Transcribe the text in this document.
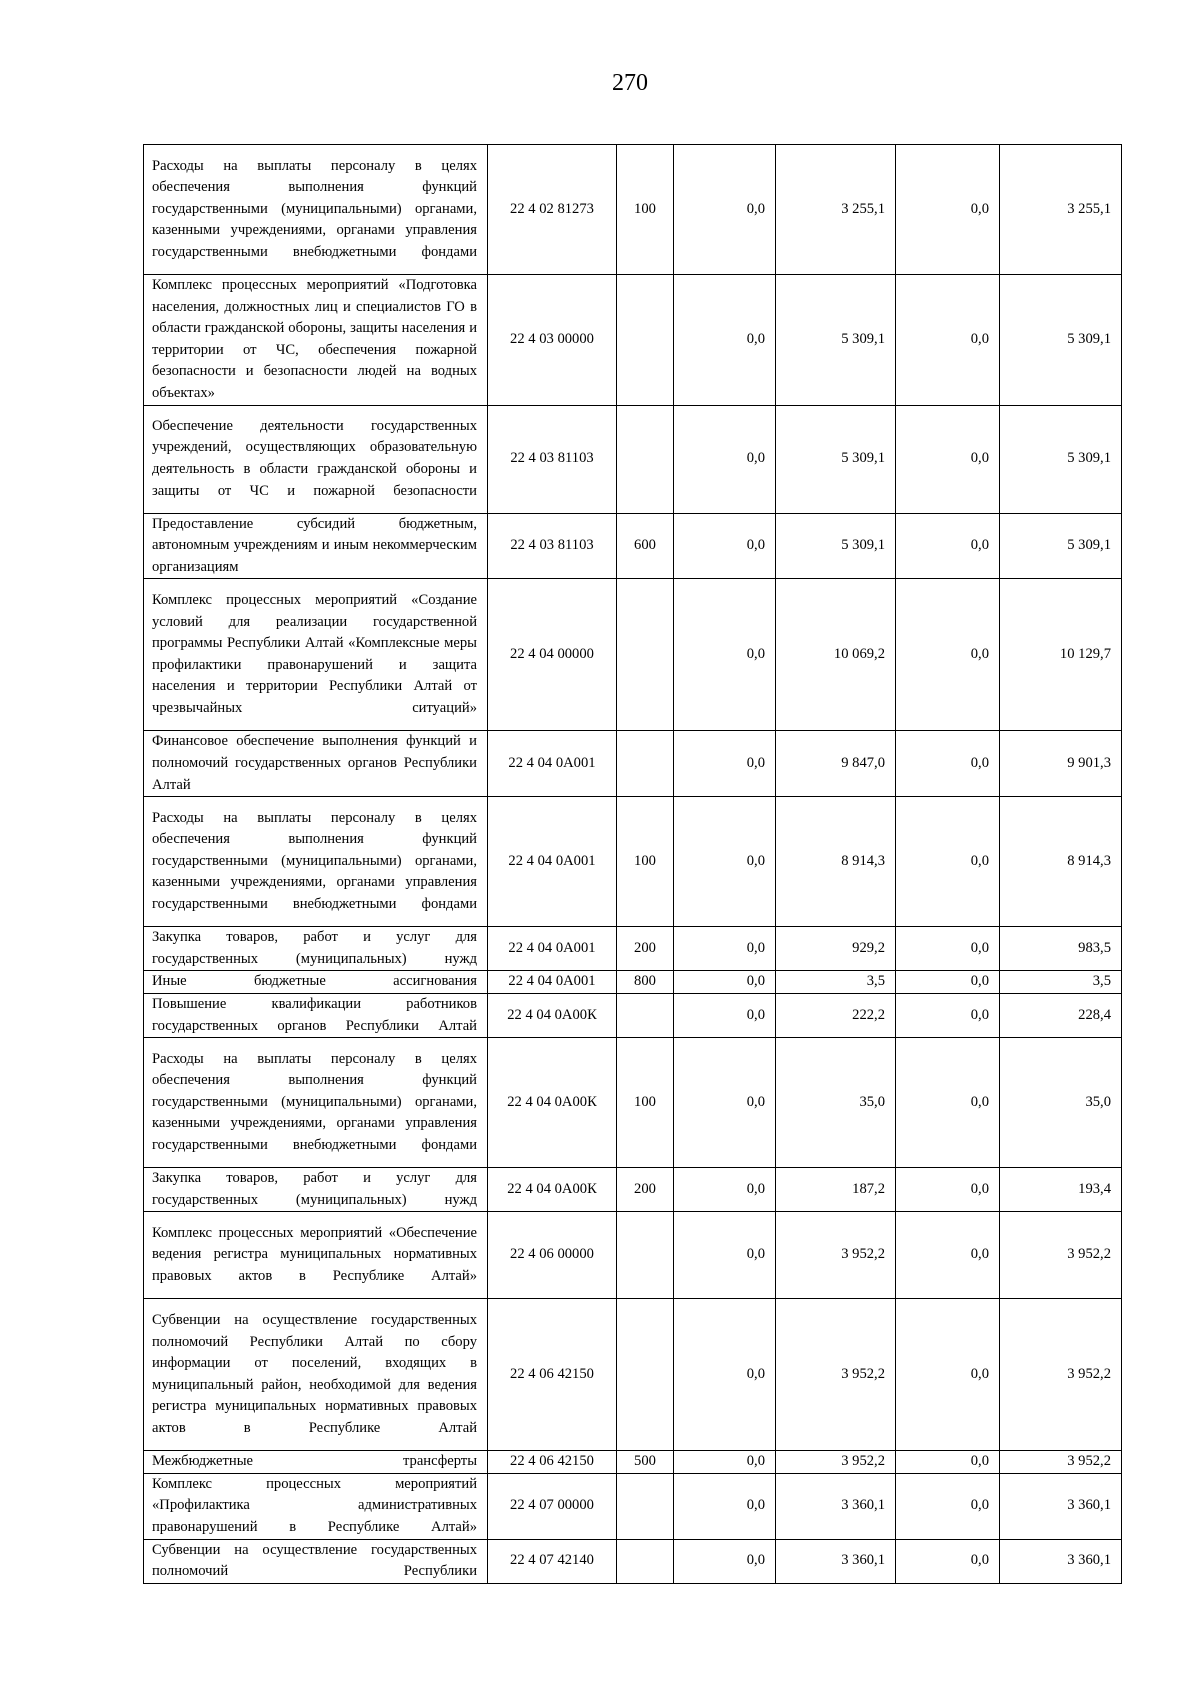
270
Расходы на выплаты персоналу в целях обеспечения выполнения функций государственными (муниципальными) органами, казенными учреждениями, органами управления государственными внебюджетными фондами	22 4 02 81273	100	0,0	3 255,1	0,0	3 255,1
Комплекс процессных мероприятий «Подготовка населения, должностных лиц и специалистов ГО в области гражданской обороны, защиты населения и территории от ЧС, обеспечения пожарной безопасности и безопасности людей на водных объектах»	22 4 03 00000		0,0	5 309,1	0,0	5 309,1
Обеспечение деятельности государственных учреждений, осуществляющих образовательную деятельность в области гражданской обороны и защиты от ЧС и пожарной безопасности	22 4 03 81103		0,0	5 309,1	0,0	5 309,1
Предоставление субсидий бюджетным, автономным учреждениям и иным некоммерческим организациям	22 4 03 81103	600	0,0	5 309,1	0,0	5 309,1
Комплекс процессных мероприятий «Создание условий для реализации государственной программы Республики Алтай «Комплексные меры профилактики правонарушений и защита населения и территории Республики Алтай от чрезвычайных ситуаций»	22 4 04 00000		0,0	10 069,2	0,0	10 129,7
Финансовое обеспечение выполнения функций и полномочий государственных органов Республики Алтай	22 4 04 0А001		0,0	9 847,0	0,0	9 901,3
Расходы на выплаты персоналу в целях обеспечения выполнения функций государственными (муниципальными) органами, казенными учреждениями, органами управления государственными внебюджетными фондами	22 4 04 0А001	100	0,0	8 914,3	0,0	8 914,3
Закупка товаров, работ и услуг для государственных (муниципальных) нужд	22 4 04 0А001	200	0,0	929,2	0,0	983,5
Иные бюджетные ассигнования	22 4 04 0А001	800	0,0	3,5	0,0	3,5
Повышение квалификации работников государственных органов Республики Алтай	22 4 04 0А00К		0,0	222,2	0,0	228,4
Расходы на выплаты персоналу в целях обеспечения выполнения функций государственными (муниципальными) органами, казенными учреждениями, органами управления государственными внебюджетными фондами	22 4 04 0А00К	100	0,0	35,0	0,0	35,0
Закупка товаров, работ и услуг для государственных (муниципальных) нужд	22 4 04 0А00К	200	0,0	187,2	0,0	193,4
Комплекс процессных мероприятий «Обеспечение ведения регистра муниципальных нормативных правовых актов в Республике Алтай»	22 4 06 00000		0,0	3 952,2	0,0	3 952,2
Субвенции на осуществление государственных полномочий Республики Алтай по сбору информации от поселений, входящих в муниципальный район, необходимой для ведения регистра муниципальных нормативных правовых актов в Республике Алтай	22 4 06 42150		0,0	3 952,2	0,0	3 952,2
Межбюджетные трансферты	22 4 06 42150	500	0,0	3 952,2	0,0	3 952,2
Комплекс процессных мероприятий «Профилактика административных правонарушений в Республике Алтай»	22 4 07 00000		0,0	3 360,1	0,0	3 360,1
Субвенции на осуществление государственных полномочий Республики	22 4 07 42140		0,0	3 360,1	0,0	3 360,1
